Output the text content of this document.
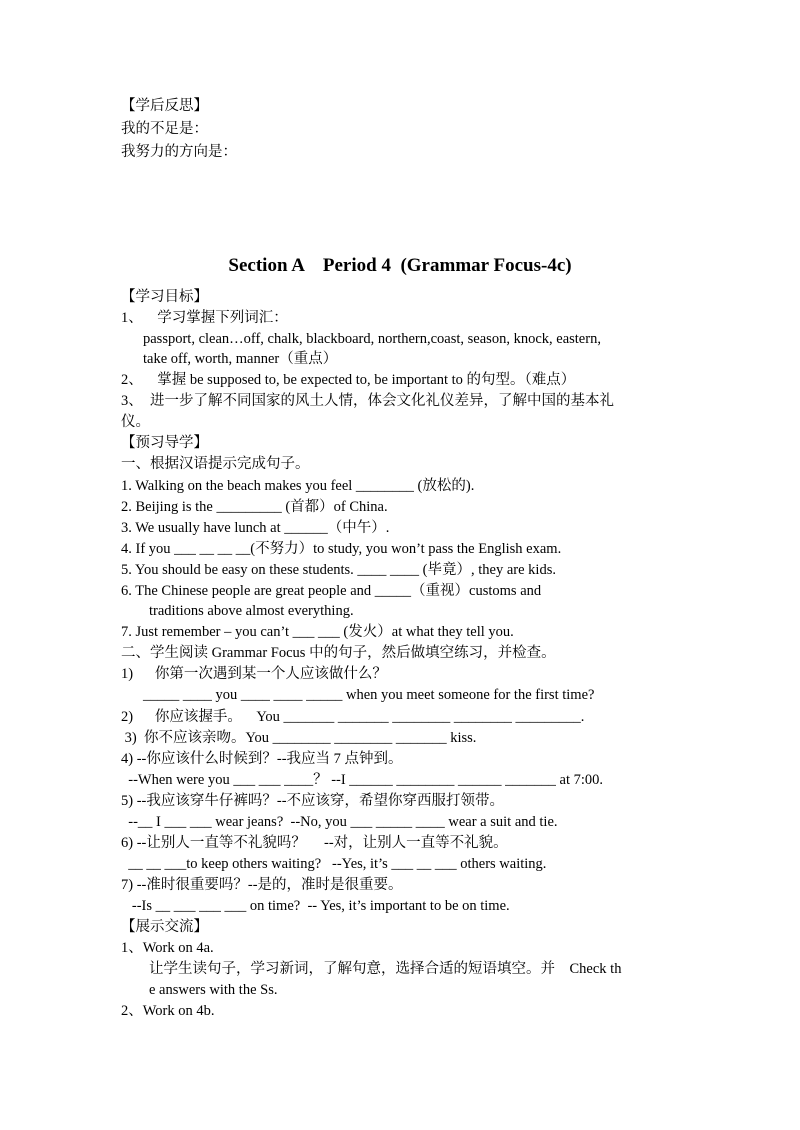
【学后反思】
我的不足是：
我努力的方向是：
Section A    Period 4  (Grammar Focus-4c)
【学习目标】
1、    学习掌握下列词汇：
passport, clean…off, chalk, blackboard, northern,coast, season, knock, eastern,
take off, worth, manner（重点）
2、    掌握 be supposed to, be expected to, be important to 的句型。（难点）
3、  进一步了解不同国家的风土人情，体会文化礼仪差异，了解中国的基本礼
仪。
【预习导学】
一、根据汉语提示完成句子。
1. Walking on the beach makes you feel ________ (放松的).
2. Beijing is the _________ (首都）of China.
3. We usually have lunch at ______（中午）.
4. If you ___ __ __ __(不努力）to study, you won’t pass the English exam.
5. You should be easy on these students. ____ ____ (毕竟）, they are kids.
6. The Chinese people are great people and _____（重视）customs and
traditions above almost everything.
7. Just remember – you can’t ___ ___ (发火）at what they tell you.
二、学生阅读 Grammar Focus 中的句子，然后做填空练习，并检查。
1)      你第一次遇到某一个人应该做什么？
_____ ____ you ____ ____ _____ when you meet someone for the first time?
2)      你应该握手。    You _______ _______ ________ ________ _________.
3)  你不应该亲吻。You ________ ________ _______ kiss.
4) --你应该什么时候到？--我应当 7 点钟到。
--When were you ___ ___ ____？ --I ______ ________ ______ _______ at 7:00.
5) --我应该穿牛仔裤吗？--不应该穿，希望你穿西服打领带。
--__ I ___ ___ wear jeans?  --No, you ___ _____ ____ wear a suit and tie.
6) --让别人一直等不礼貌吗？     --对，让别人一直等不礼貌。
__ __ ___to keep others waiting?   --Yes, it’s ___ __ ___ others waiting.
7) --准时很重要吗？--是的，准时是很重要。
--Is __ ___ ___ ___ on time?  -- Yes, it’s important to be on time.
【展示交流】
1、Work on 4a.
让学生读句子，学习新词，了解句意，选择合适的短语填空。并    Check th
e answers with the Ss.
2、Work on 4b.
